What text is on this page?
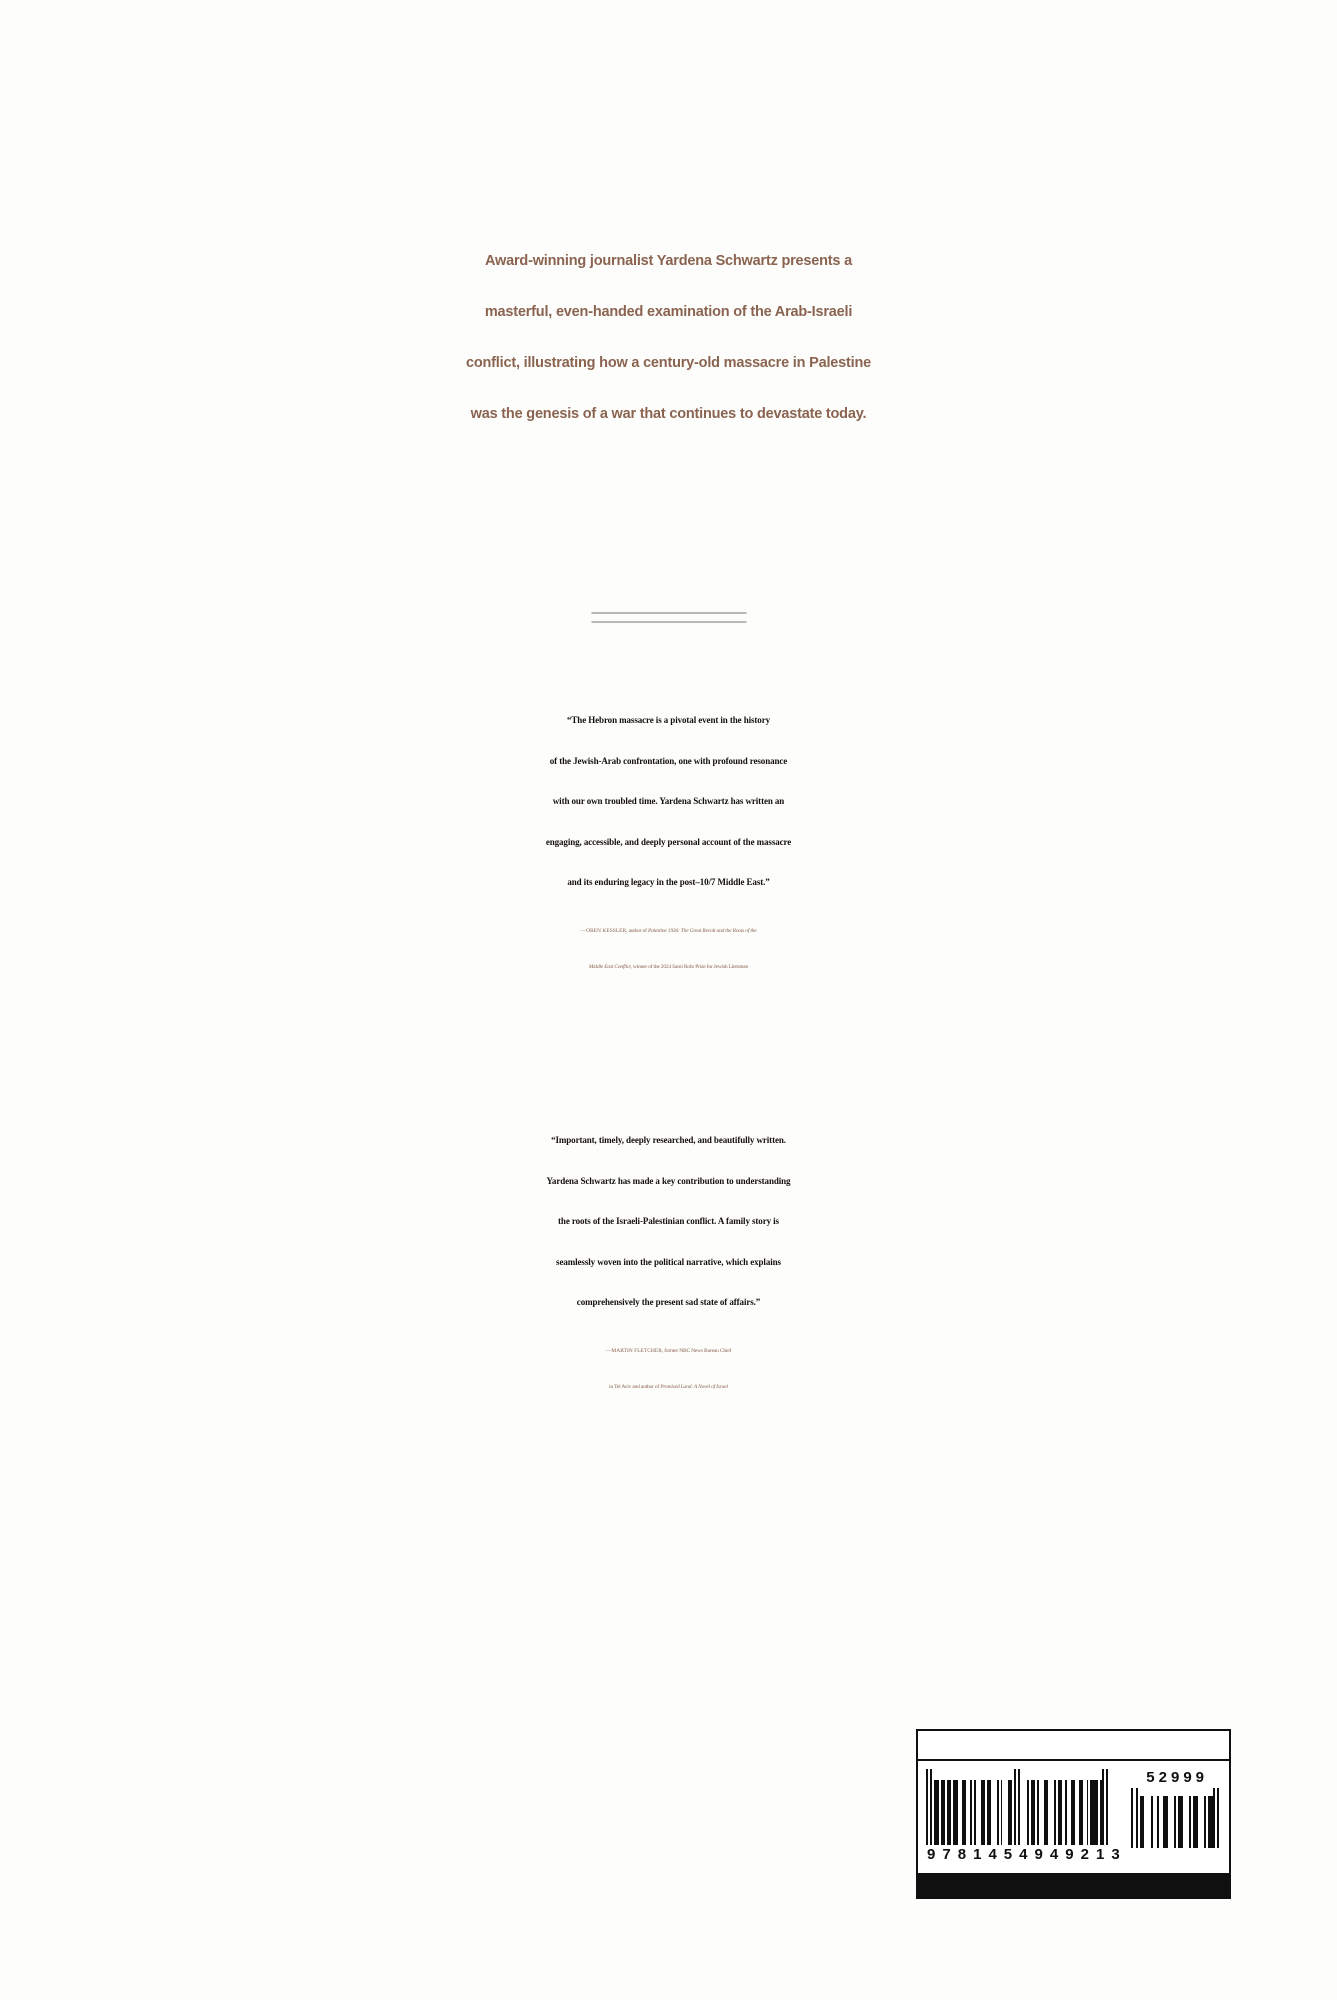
Award-winning journalist Yardena Schwartz presents a
masterful, even-handed examination of the Arab-Israeli
conflict, illustrating how a century-old massacre in Palestine
was the genesis of a war that continues to devastate today.
“The Hebron massacre is a pivotal event in the history
of the Jewish-Arab confrontation, one with profound resonance
with our own troubled time. Yardena Schwartz has written an
engaging, accessible, and deeply personal account of the massacre
and its enduring legacy in the post–10/7 Middle East.”
—OREN KESSLER, author of Palestine 1936: The Great Revolt and the Roots of the
Middle East Conflict, winner of the 2024 Sami Rohr Prize for Jewish Literature
“Important, timely, deeply researched, and beautifully written.
Yardena Schwartz has made a key contribution to understanding
the roots of the Israeli-Palestinian conflict. A family story is
seamlessly woven into the political narrative, which explains
comprehensively the present sad state of affairs.”
—MARTIN FLETCHER, former NBC News Bureau Chief
in Tel Aviv and author of Promised Land: A Novel of Israel
9 7 8 1 4 5 4 9 4 9 2 1 3
52999
